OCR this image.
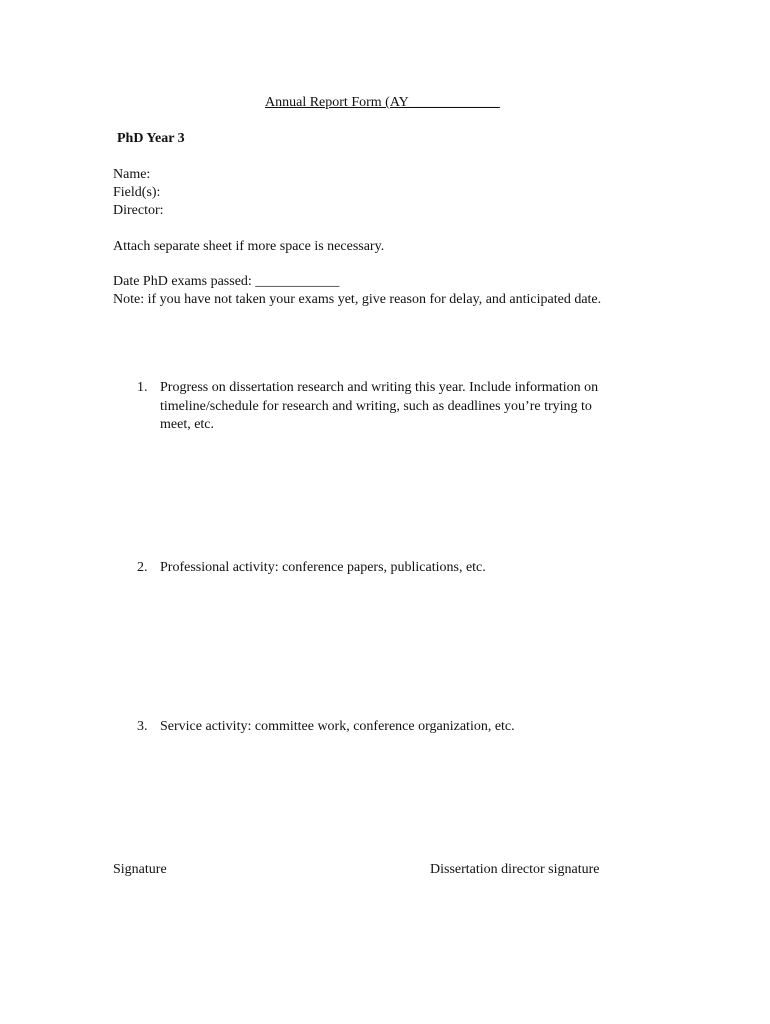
Annual Report Form (AY_____________
PhD Year 3
Name:
Field(s):
Director:
Attach separate sheet if more space is necessary.
Date PhD exams passed: ____________
Note: if you have not taken your exams yet, give reason for delay, and anticipated date.
1. Progress on dissertation research and writing this year. Include information on
timeline/schedule for research and writing, such as deadlines you’re trying to
meet, etc.
2. Professional activity: conference papers, publications, etc.
3. Service activity: committee work, conference organization, etc.
Signature	Dissertation director signature
